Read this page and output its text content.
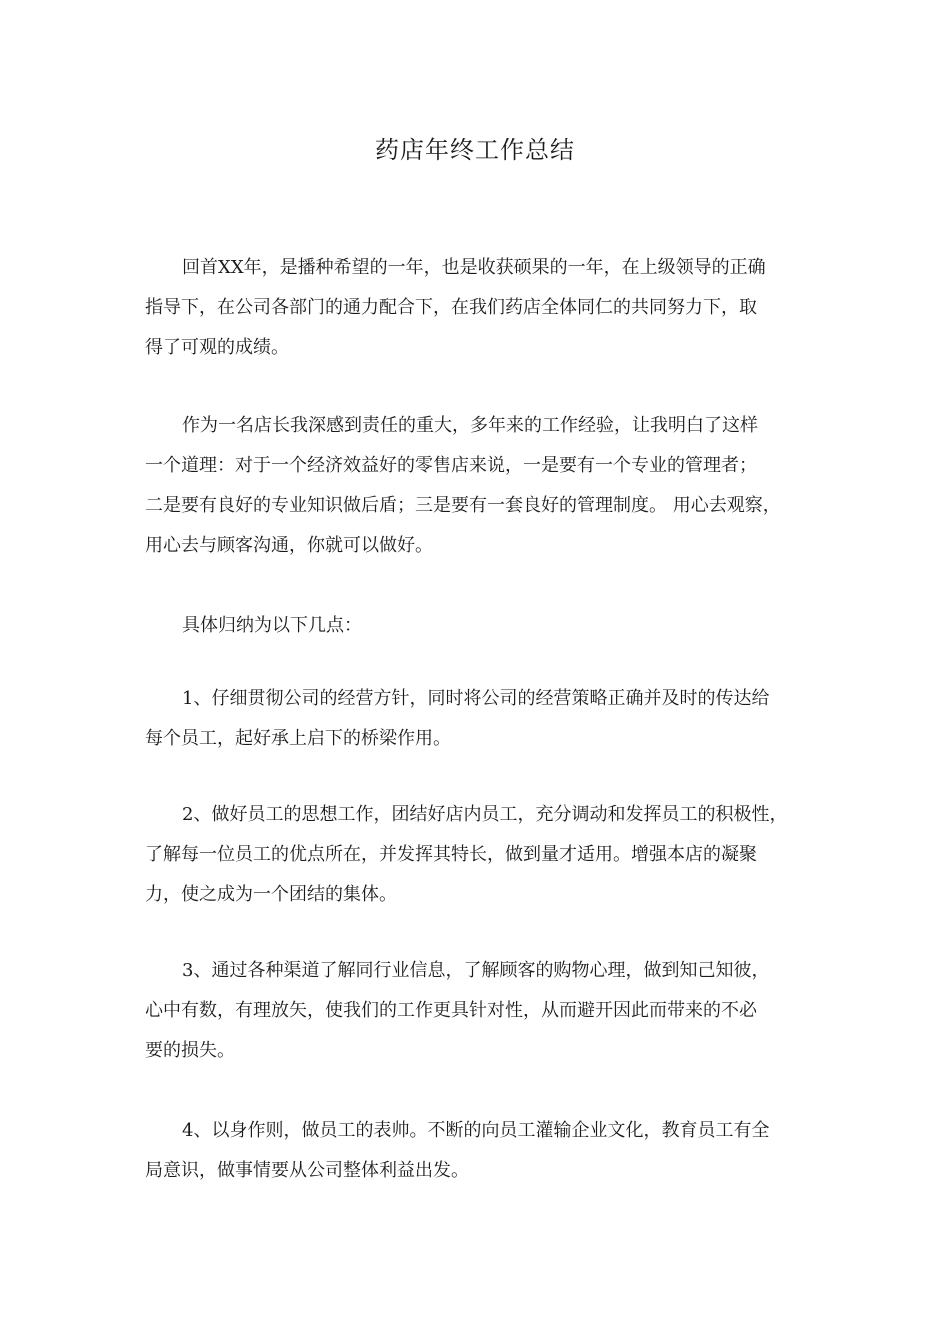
药店年终工作总结

回首XX年，是播种希望的一年，也是收获硕果的一年，在上级领导的正确
指导下，在公司各部门的通力配合下，在我们药店全体同仁的共同努力下，取
得了可观的成绩。

作为一名店长我深感到责任的重大，多年来的工作经验，让我明白了这样
一个道理：对于一个经济效益好的零售店来说，一是要有一个专业的管理者；
二是要有良好的专业知识做后盾；三是要有一套良好的管理制度。 用心去观察，
用心去与顾客沟通，你就可以做好。

具体归纳为以下几点：

1、仔细贯彻公司的经营方针，同时将公司的经营策略正确并及时的传达给
每个员工，起好承上启下的桥梁作用。

2、做好员工的思想工作，团结好店内员工，充分调动和发挥员工的积极性，
了解每一位员工的优点所在，并发挥其特长，做到量才适用。增强本店的凝聚
力，使之成为一个团结的集体。

3、通过各种渠道了解同行业信息，了解顾客的购物心理，做到知己知彼，
心中有数，有理放矢，使我们的工作更具针对性，从而避开因此而带来的不必
要的损失。

4、以身作则，做员工的表帅。不断的向员工灌输企业文化，教育员工有全
局意识，做事情要从公司整体利益出发。
